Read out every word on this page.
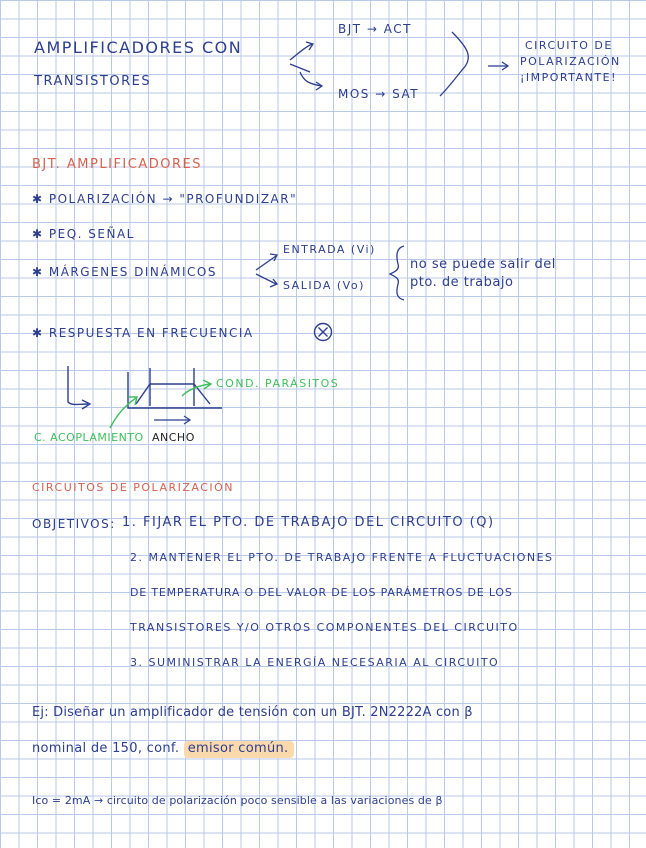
AMPLIFICADORES CON
TRANSISTORES
BJT → ACT
MOS → SAT
CIRCUITO DE
POLARIZACIÓN
¡IMPORTANTE!
BJT. AMPLIFICADORES
✱ POLARIZACIÓN → "PROFUNDIZAR"
✱ PEQ. SEÑAL
✱ MÁRGENES DINÁMICOS
ENTRADA (Vi)
SALIDA (Vo)
no se puede salir del
pto. de trabajo
✱ RESPUESTA EN FRECUENCIA
COND. PARÁSITOS
C. ACOPLAMIENTO ANCHO
CIRCUITOS DE POLARIZACIÓN
OBJETIVOS: 1. FIJAR EL PTO. DE TRABAJO DEL CIRCUITO (Q)
2. MANTENER EL PTO. DE TRABAJO FRENTE A FLUCTUACIONES
DE TEMPERATURA O DEL VALOR DE LOS PARÁMETROS DE LOS
TRANSISTORES Y/O OTROS COMPONENTES DEL CIRCUITO
3. SUMINISTRAR LA ENERGÍA NECESARIA AL CIRCUITO
Ej: Diseñar un amplificador de tensión con un BJT. 2N2222A con β
nominal de 150, conf. emisor común.
Ico = 2mA → circuito de polarización poco sensible a las variaciones de β
